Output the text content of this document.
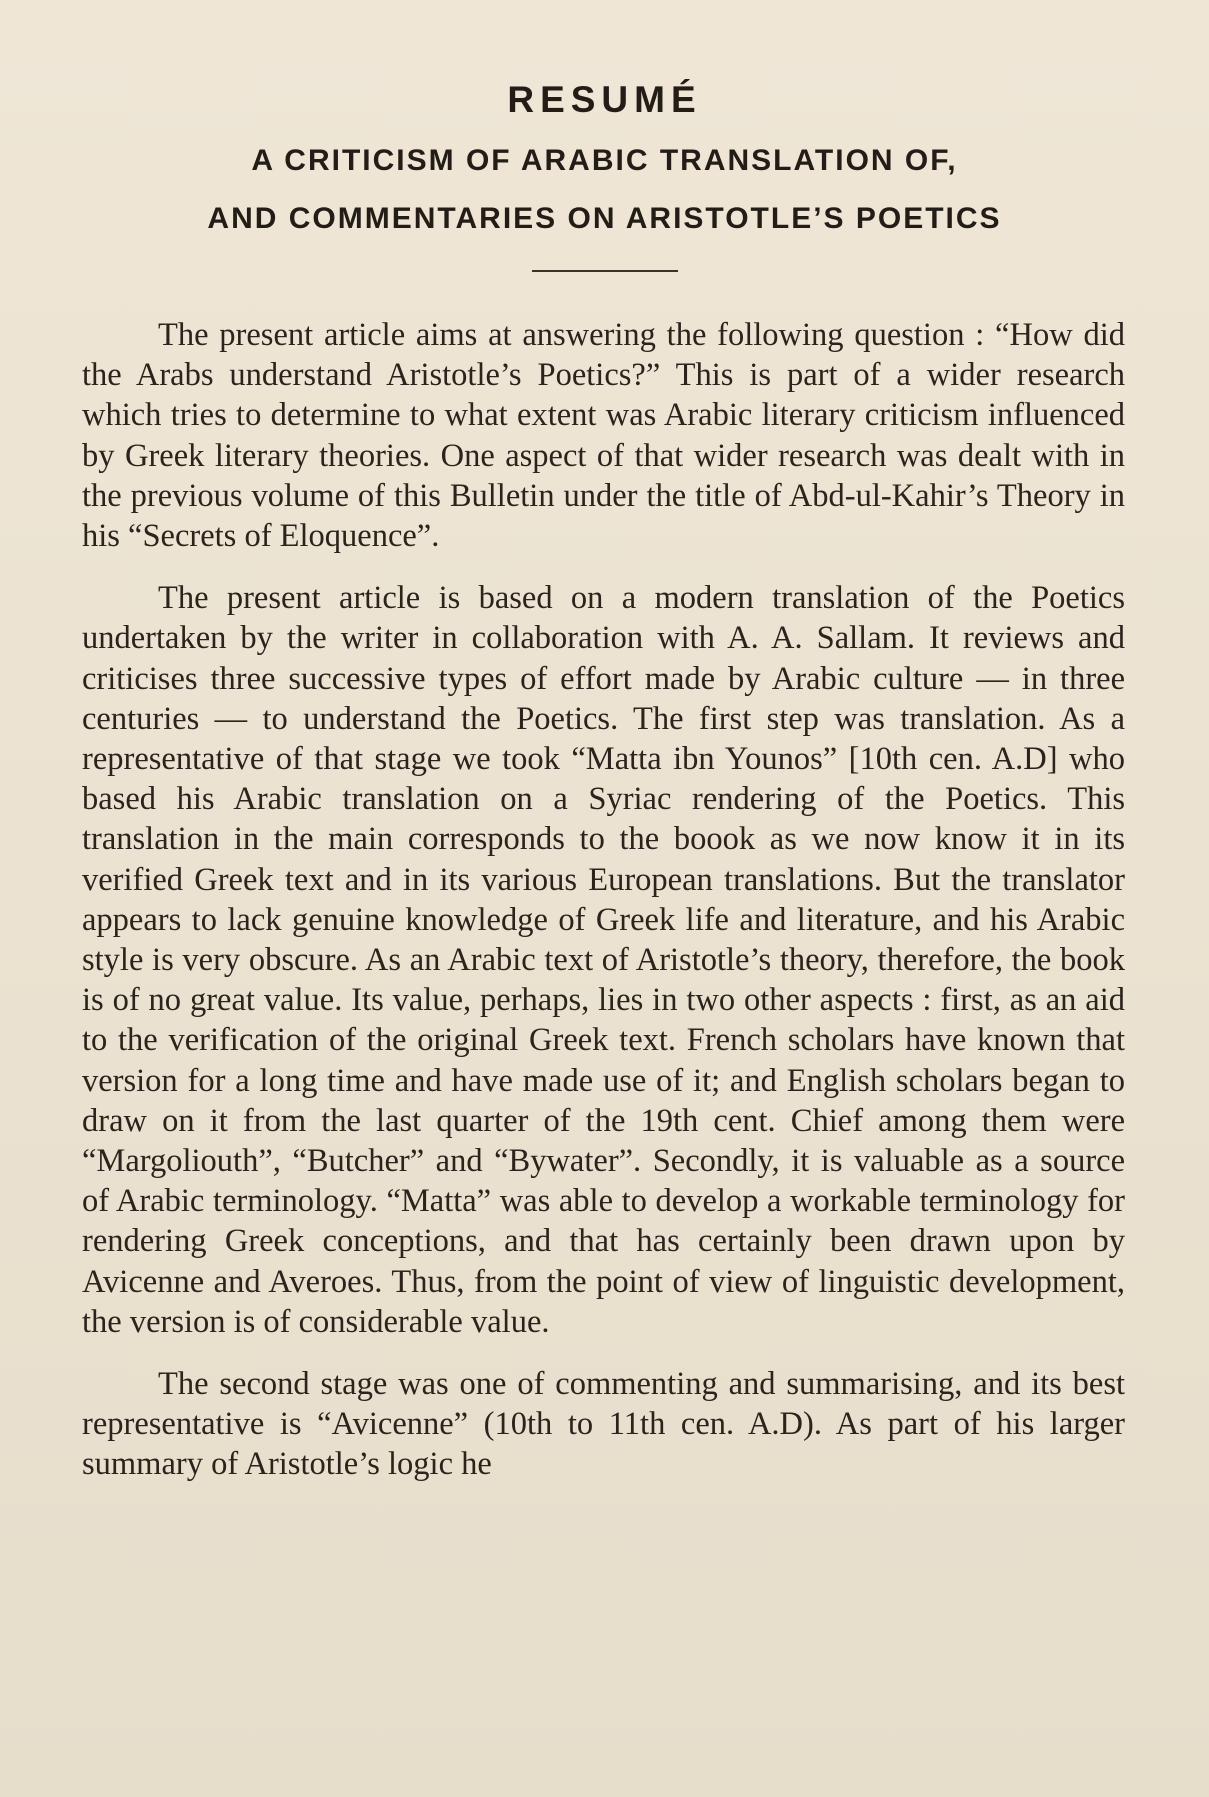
RESUMÉ
A CRITICISM OF ARABIC TRANSLATION OF,
AND COMMENTARIES ON ARISTOTLE’S POETICS

The present article aims at answering the following question : “How did the Arabs understand Aristotle’s Poetics?” This is part of a wider research which tries to determine to what extent was Arabic literary criticism influenced by Greek literary theories. One aspect of that wider research was dealt with in the previous volume of this Bulletin under the title of Abd-ul-Kahir’s Theory in his “Secrets of Eloquence”.

The present article is based on a modern translation of the Poetics undertaken by the writer in collaboration with A. A. Sallam. It reviews and criticises three successive types of effort made by Arabic culture — in three centuries — to understand the Poetics. The first step was translation. As a representative of that stage we took “Matta ibn Younos” [10th cen. A.D] who based his Arabic translation on a Syriac rendering of the Poetics. This translation in the main corresponds to the boook as we now know it in its verified Greek text and in its various European translations. But the translator appears to lack genuine knowledge of Greek life and literature, and his Arabic style is very obscure. As an Arabic text of Aristotle’s theory, therefore, the book is of no great value. Its value, perhaps, lies in two other aspects : first, as an aid to the verification of the original Greek text. French scholars have known that version for a long time and have made use of it; and English scholars began to draw on it from the last quarter of the 19th cent. Chief among them were “Margoliouth”, “Butcher” and “Bywater”. Secondly, it is valuable as a source of Arabic terminology. “Matta” was able to develop a workable terminology for rendering Greek conceptions, and that has certainly been drawn upon by Avicenne and Averoes. Thus, from the point of view of linguistic development, the version is of considerable value.

The second stage was one of commenting and summarising, and its best representative is “Avicenne” (10th to 11th cen. A.D). As part of his larger summary of Aristotle’s logic he
